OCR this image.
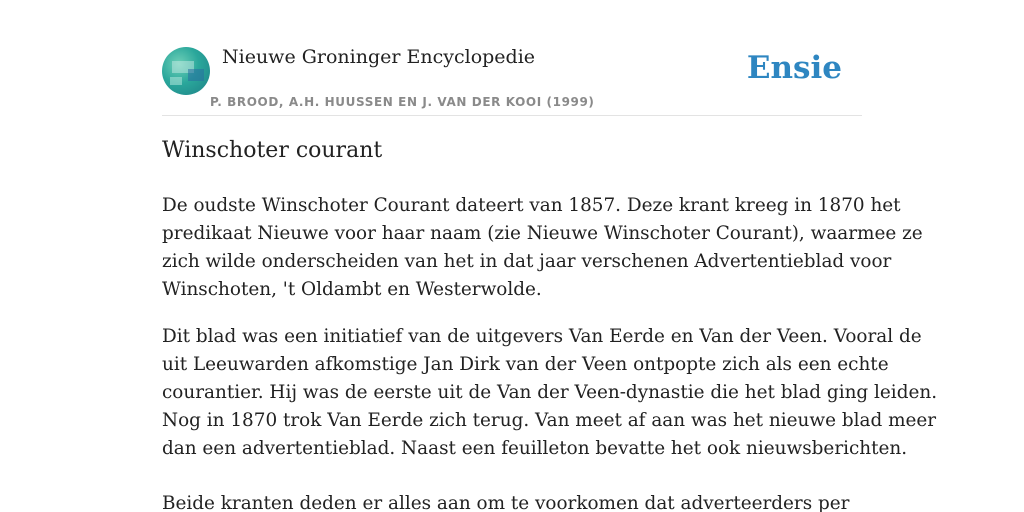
Nieuwe Groninger Encyclopedie
P. BROOD, A.H. HUUSSEN EN J. VAN DER KOOI (1999)
Ensie
Winschoter courant

De oudste Winschoter Courant dateert van 1857. Deze krant kreeg in 1870 het
predikaat Nieuwe voor haar naam (zie Nieuwe Winschoter Courant), waarmee ze
zich wilde onderscheiden van het in dat jaar verschenen Advertentieblad voor
Winschoten, 't Oldambt en Westerwolde.

Dit blad was een initiatief van de uitgevers Van Eerde en Van der Veen. Vooral de
uit Leeuwarden afkomstige Jan Dirk van der Veen ontpopte zich als een echte
courantier. Hij was de eerste uit de Van der Veen-dynastie die het blad ging leiden.
Nog in 1870 trok Van Eerde zich terug. Van meet af aan was het nieuwe blad meer
dan een advertentieblad. Naast een feuilleton bevatte het ook nieuwsberichten.

Beide kranten deden er alles aan om te voorkomen dat adverteerders per
